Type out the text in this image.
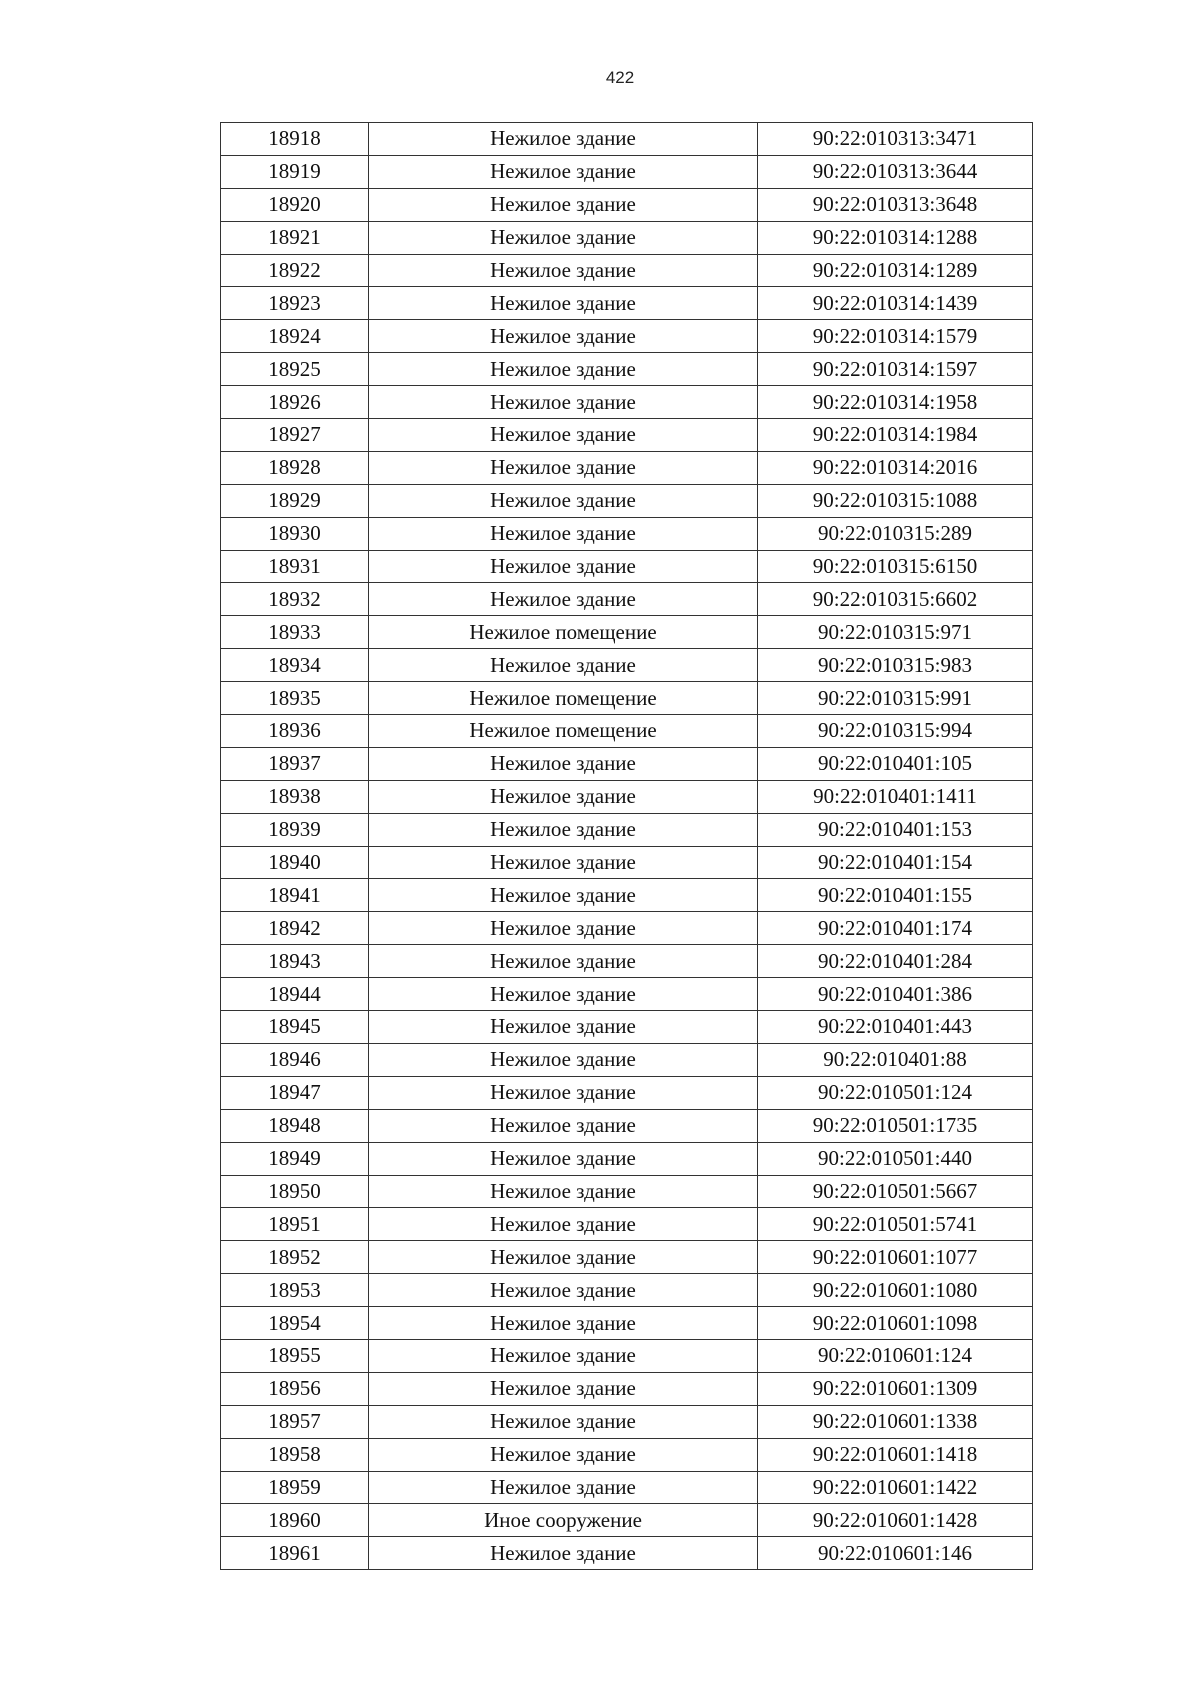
422
18918	Нежилое здание	90:22:010313:3471
18919	Нежилое здание	90:22:010313:3644
18920	Нежилое здание	90:22:010313:3648
18921	Нежилое здание	90:22:010314:1288
18922	Нежилое здание	90:22:010314:1289
18923	Нежилое здание	90:22:010314:1439
18924	Нежилое здание	90:22:010314:1579
18925	Нежилое здание	90:22:010314:1597
18926	Нежилое здание	90:22:010314:1958
18927	Нежилое здание	90:22:010314:1984
18928	Нежилое здание	90:22:010314:2016
18929	Нежилое здание	90:22:010315:1088
18930	Нежилое здание	90:22:010315:289
18931	Нежилое здание	90:22:010315:6150
18932	Нежилое здание	90:22:010315:6602
18933	Нежилое помещение	90:22:010315:971
18934	Нежилое здание	90:22:010315:983
18935	Нежилое помещение	90:22:010315:991
18936	Нежилое помещение	90:22:010315:994
18937	Нежилое здание	90:22:010401:105
18938	Нежилое здание	90:22:010401:1411
18939	Нежилое здание	90:22:010401:153
18940	Нежилое здание	90:22:010401:154
18941	Нежилое здание	90:22:010401:155
18942	Нежилое здание	90:22:010401:174
18943	Нежилое здание	90:22:010401:284
18944	Нежилое здание	90:22:010401:386
18945	Нежилое здание	90:22:010401:443
18946	Нежилое здание	90:22:010401:88
18947	Нежилое здание	90:22:010501:124
18948	Нежилое здание	90:22:010501:1735
18949	Нежилое здание	90:22:010501:440
18950	Нежилое здание	90:22:010501:5667
18951	Нежилое здание	90:22:010501:5741
18952	Нежилое здание	90:22:010601:1077
18953	Нежилое здание	90:22:010601:1080
18954	Нежилое здание	90:22:010601:1098
18955	Нежилое здание	90:22:010601:124
18956	Нежилое здание	90:22:010601:1309
18957	Нежилое здание	90:22:010601:1338
18958	Нежилое здание	90:22:010601:1418
18959	Нежилое здание	90:22:010601:1422
18960	Иное сооружение	90:22:010601:1428
18961	Нежилое здание	90:22:010601:146
